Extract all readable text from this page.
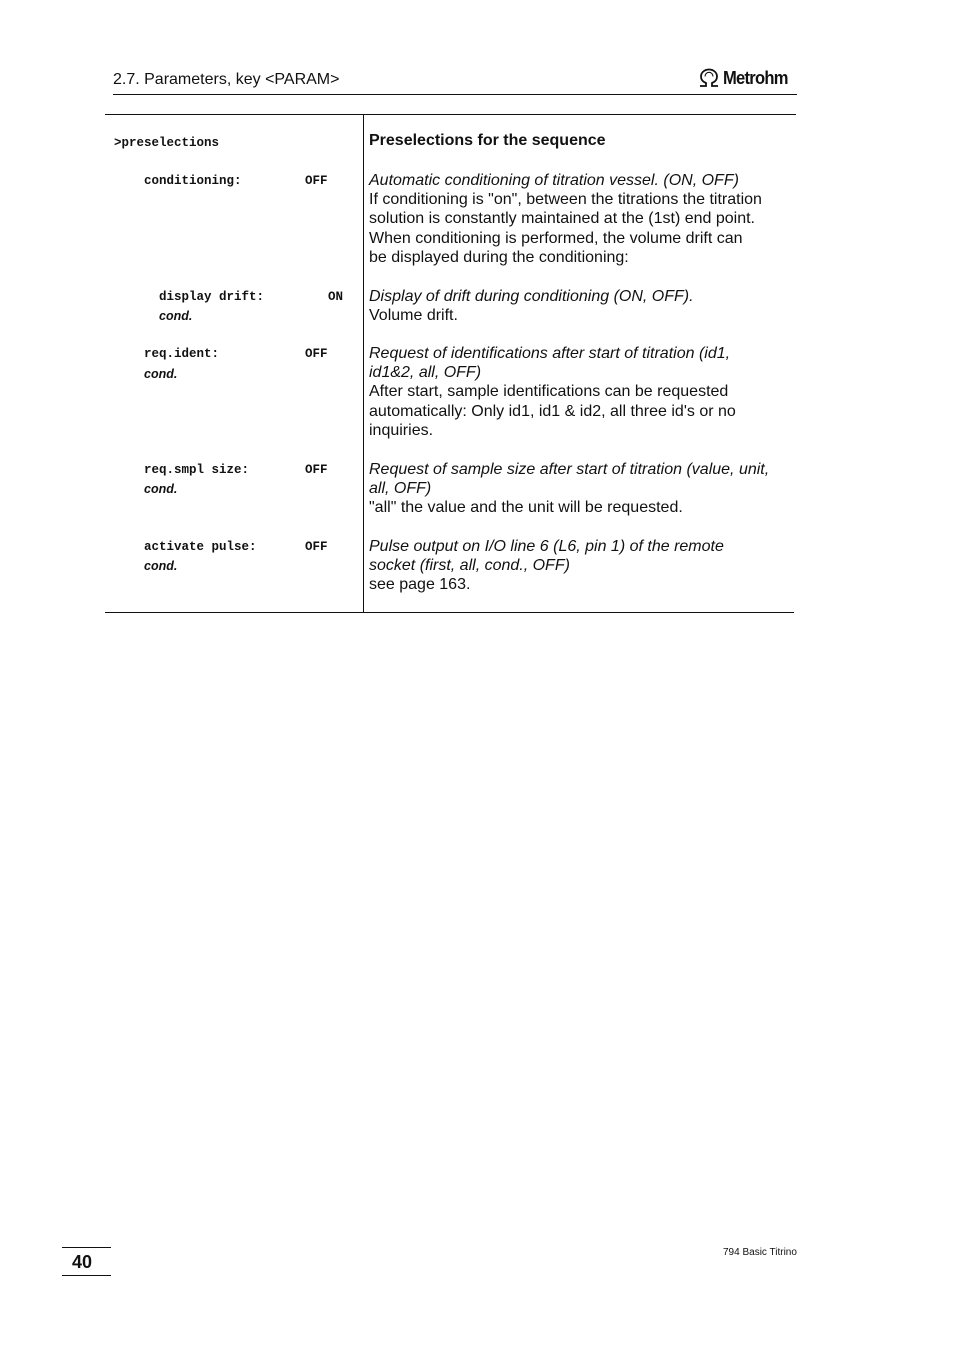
2.7. Parameters, key <PARAM>	Metrohm
>preselections	Preselections for the sequence
conditioning:	OFF	Automatic conditioning of titration vessel. (ON, OFF)
If conditioning is "on", between the titrations the titration
solution is constantly maintained at the (1st) end point.
When conditioning is performed, the volume drift can
be displayed during the conditioning:
display drift:	ON
cond.
Display of drift during conditioning (ON, OFF).
Volume drift.
req.ident:	OFF
cond.
Request of identifications after start of titration (id1,
id1&2, all, OFF)
After start, sample identifications can be requested
automatically: Only id1, id1 & id2, all three id's or no
inquiries.
req.smpl size:	OFF
cond.
Request of sample size after start of titration (value, unit,
all, OFF)
"all" the value and the unit will be requested.
activate pulse:	OFF
cond.
Pulse output on I/O line 6 (L6, pin 1) of the remote
socket (first, all, cond., OFF)
see page 163.
40	794 Basic Titrino
